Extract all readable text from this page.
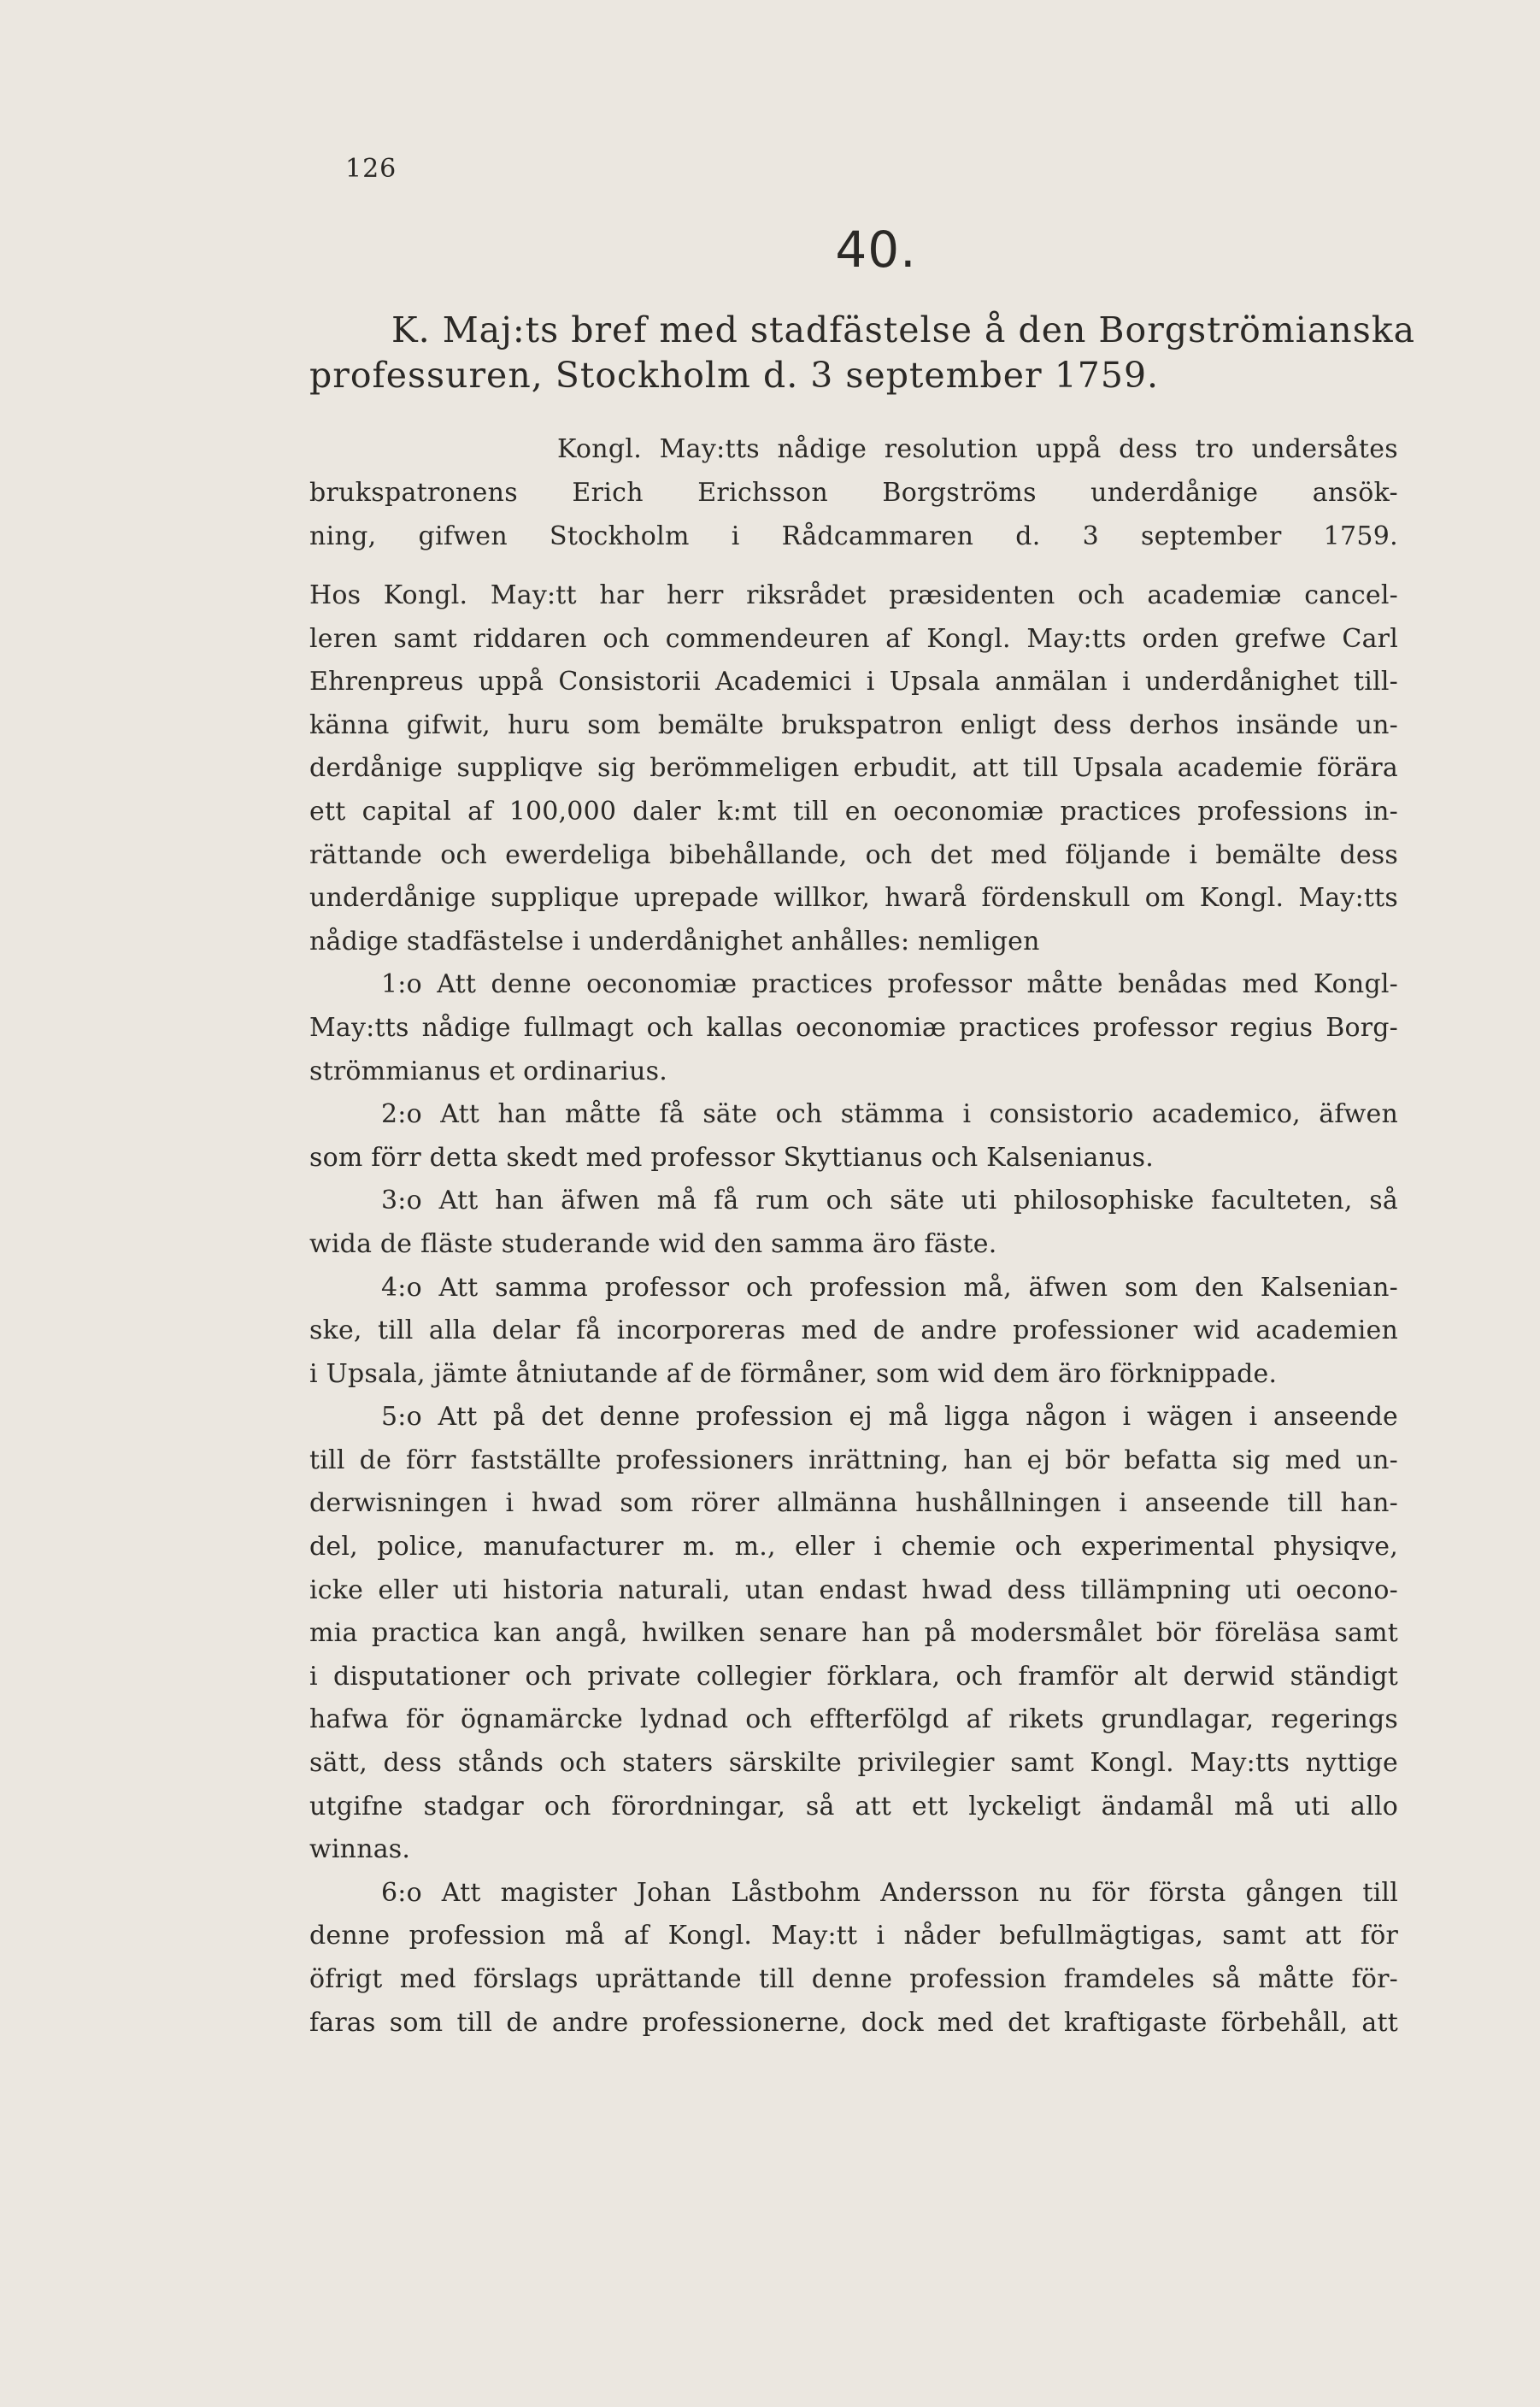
126
40.
K. Maj:ts bref med stadfästelse å den Borgströmianska
professuren, Stockholm d. 3 september 1759.
Kongl. May:tts nådige resolution uppå dess tro undersåtes
brukspatronens Erich Erichsson Borgströms underdånige ansök-
ning, gifwen Stockholm i Rådcammaren d. 3 september 1759.
Hos Kongl. May:tt har herr riksrådet præsidenten och academiæ cancel-
leren samt riddaren och commendeuren af Kongl. May:tts orden grefwe Carl
Ehrenpreus uppå Consistorii Academici i Upsala anmälan i underdånighet till-
känna gifwit, huru som bemälte brukspatron enligt dess derhos insände un-
derdånige suppliqve sig berömmeligen erbudit, att till Upsala academie förära
ett capital af 100,000 daler k:mt till en oeconomiæ practices professions in-
rättande och ewerdeliga bibehållande, och det med följande i bemälte dess
underdånige supplique uprepade willkor, hwarå fördenskull om Kongl. May:tts
nådige stadfästelse i underdånighet anhålles: nemligen
1:o Att denne oeconomiæ practices professor måtte benådas med Kongl-
May:tts nådige fullmagt och kallas oeconomiæ practices professor regius Borg-
strömmianus et ordinarius.
2:o Att han måtte få säte och stämma i consistorio academico, äfwen
som förr detta skedt med professor Skyttianus och Kalsenianus.
3:o Att han äfwen må få rum och säte uti philosophiske faculteten, så
wida de fläste studerande wid den samma äro fäste.
4:o Att samma professor och profession må, äfwen som den Kalsenian-
ske, till alla delar få incorporeras med de andre professioner wid academien
i Upsala, jämte åtniutande af de förmåner, som wid dem äro förknippade.
5:o Att på det denne profession ej må ligga någon i wägen i anseende
till de förr fastställte professioners inrättning, han ej bör befatta sig med un-
derwisningen i hwad som rörer allmänna hushållningen i anseende till han-
del, police, manufacturer m. m., eller i chemie och experimental physiqve,
icke eller uti historia naturali, utan endast hwad dess tillämpning uti oecono-
mia practica kan angå, hwilken senare han på modersmålet bör föreläsa samt
i disputationer och private collegier förklara, och framför alt derwid ständigt
hafwa för ögnamärcke lydnad och effterfölgd af rikets grundlagar, regerings
sätt, dess stånds och staters särskilte privilegier samt Kongl. May:tts nyttige
utgifne stadgar och förordningar, så att ett lyckeligt ändamål må uti allo
winnas.
6:o Att magister Johan Låstbohm Andersson nu för första gången till
denne profession må af Kongl. May:tt i nåder befullmägtigas, samt att för
öfrigt med förslags uprättande till denne profession framdeles så måtte för-
faras som till de andre professionerne, dock med det kraftigaste förbehåll, att
